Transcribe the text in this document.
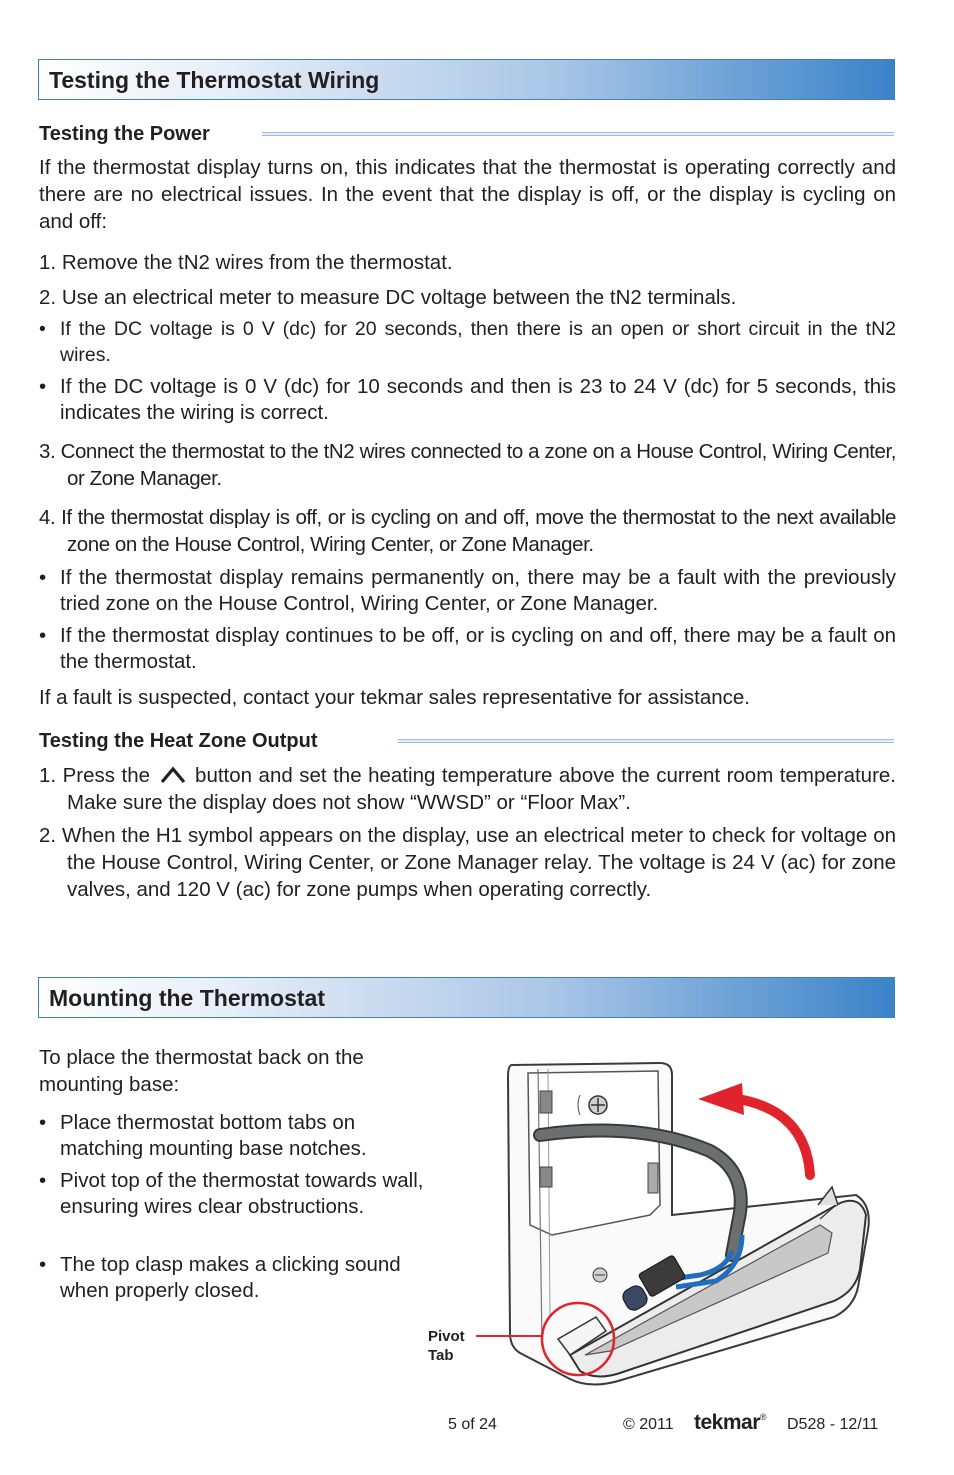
Testing the Thermostat Wiring
Testing the Power

If the thermostat display turns on, this indicates that the thermostat is operating correctly and there are no electrical issues. In the event that the display is off, or the display is cycling on and off:

1. Remove the tN2 wires from the thermostat.

2. Use an electrical meter to measure DC voltage between the tN2 terminals.

• If the DC voltage is 0 V (dc) for 20 seconds, then there is an open or short circuit in the tN2 wires.
• If the DC voltage is 0 V (dc) for 10 seconds and then is 23 to 24 V (dc) for 5 seconds, this indicates the wiring is correct.

3. Connect the thermostat to the tN2 wires connected to a zone on a House Control, Wiring Center, or Zone Manager.

4. If the thermostat display is off, or is cycling on and off, move the thermostat to the next available zone on the House Control, Wiring Center, or Zone Manager.

• If the thermostat display remains permanently on, there may be a fault with the previously tried zone on the House Control, Wiring Center, or Zone Manager.
• If the thermostat display continues to be off, or is cycling on and off, there may be a fault on the thermostat.

If a fault is suspected, contact your tekmar sales representative for assistance.

Testing the Heat Zone Output

1. Press the button and set the heating temperature above the current room temperature. Make sure the display does not show “WWSD” or “Floor Max”.

2. When the H1 symbol appears on the display, use an electrical meter to check for voltage on the House Control, Wiring Center, or Zone Manager relay. The voltage is 24 V (ac) for zone valves, and 120 V (ac) for zone pumps when operating correctly.

Mounting the Thermostat

To place the thermostat back on the mounting base:

• Place thermostat bottom tabs on matching mounting base notches.
• Pivot top of the thermostat towards wall, ensuring wires clear obstructions.
• The top clasp makes a clicking sound when properly closed.
Pivot
Tab
5 of 24	© 2011 tekmar® D528 - 12/11
